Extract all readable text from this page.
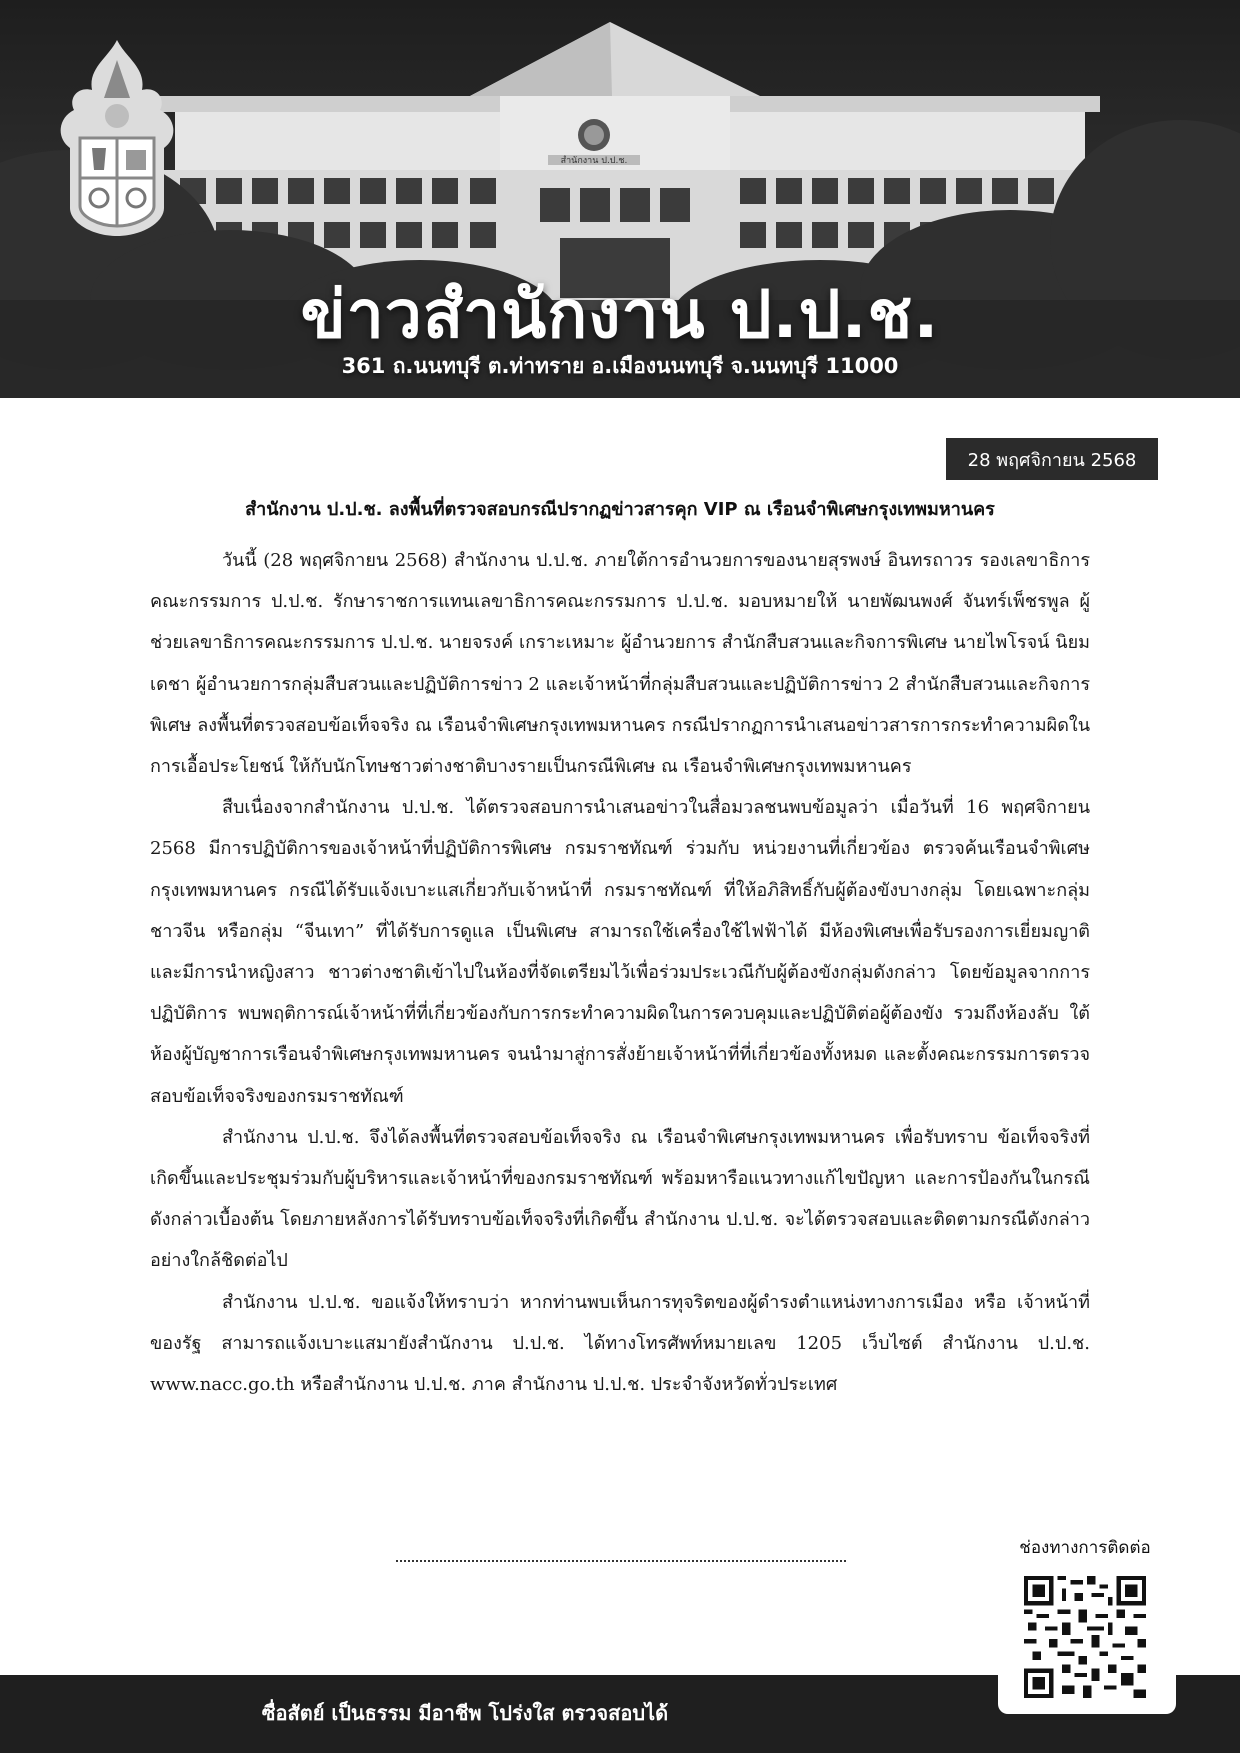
สำนักงาน ป.ป.ช.
ข่าวสำนักงาน ป.ป.ช.
361 ถ.นนทบุรี ต.ท่าทราย อ.เมืองนนทบุรี จ.นนทบุรี 11000
28 พฤศจิกายน 2568
สำนักงาน ป.ป.ช. ลงพื้นที่ตรวจสอบกรณีปรากฏข่าวสารคุก VIP ณ เรือนจำพิเศษกรุงเทพมหานคร

วันนี้ (28 พฤศจิกายน 2568) สำนักงาน ป.ป.ช. ภายใต้การอำนวยการของนายสุรพงษ์ อินทรถาวร รองเลขาธิการคณะกรรมการ ป.ป.ช. รักษาราชการแทนเลขาธิการคณะกรรมการ ป.ป.ช. มอบหมายให้ นายพัฒนพงศ์ จันทร์เพ็ชรพูล ผู้ช่วยเลขาธิการคณะกรรมการ ป.ป.ช. นายจรงค์ เกราะเหมาะ ผู้อำนวยการ สำนักสืบสวนและกิจการพิเศษ นายไพโรจน์ นิยมเดชา ผู้อำนวยการกลุ่มสืบสวนและปฏิบัติการข่าว 2 และเจ้าหน้าที่กลุ่มสืบสวนและปฏิบัติการข่าว 2 สำนักสืบสวนและกิจการพิเศษ ลงพื้นที่ตรวจสอบข้อเท็จจริง ณ เรือนจำพิเศษกรุงเทพมหานคร กรณีปรากฏการนำเสนอข่าวสารการกระทำความผิดในการเอื้อประโยชน์ ให้กับนักโทษชาวต่างชาติบางรายเป็นกรณีพิเศษ ณ เรือนจำพิเศษกรุงเทพมหานคร

สืบเนื่องจากสำนักงาน ป.ป.ช. ได้ตรวจสอบการนำเสนอข่าวในสื่อมวลชนพบข้อมูลว่า เมื่อวันที่ 16 พฤศจิกายน 2568 มีการปฏิบัติการของเจ้าหน้าที่ปฏิบัติการพิเศษ กรมราชทัณฑ์ ร่วมกับ หน่วยงานที่เกี่ยวข้อง ตรวจค้นเรือนจำพิเศษกรุงเทพมหานคร กรณีได้รับแจ้งเบาะแสเกี่ยวกับเจ้าหน้าที่ กรมราชทัณฑ์ ที่ให้อภิสิทธิ์กับผู้ต้องขังบางกลุ่ม โดยเฉพาะกลุ่มชาวจีน หรือกลุ่ม “จีนเทา” ที่ได้รับการดูแล เป็นพิเศษ สามารถใช้เครื่องใช้ไฟฟ้าได้ มีห้องพิเศษเพื่อรับรองการเยี่ยมญาติ และมีการนำหญิงสาว ชาวต่างชาติเข้าไปในห้องที่จัดเตรียมไว้เพื่อร่วมประเวณีกับผู้ต้องขังกลุ่มดังกล่าว โดยข้อมูลจากการปฏิบัติการ พบพฤติการณ์เจ้าหน้าที่ที่เกี่ยวข้องกับการกระทำความผิดในการควบคุมและปฏิบัติต่อผู้ต้องขัง รวมถึงห้องลับ ใต้ห้องผู้บัญชาการเรือนจำพิเศษกรุงเทพมหานคร จนนำมาสู่การสั่งย้ายเจ้าหน้าที่ที่เกี่ยวข้องทั้งหมด และตั้งคณะกรรมการตรวจสอบข้อเท็จจริงของกรมราชทัณฑ์

สำนักงาน ป.ป.ช. จึงได้ลงพื้นที่ตรวจสอบข้อเท็จจริง ณ เรือนจำพิเศษกรุงเทพมหานคร เพื่อรับทราบ ข้อเท็จจริงที่เกิดขึ้นและประชุมร่วมกับผู้บริหารและเจ้าหน้าที่ของกรมราชทัณฑ์ พร้อมหารือแนวทางแก้ไขปัญหา และการป้องกันในกรณีดังกล่าวเบื้องต้น โดยภายหลังการได้รับทราบข้อเท็จจริงที่เกิดขึ้น สำนักงาน ป.ป.ช. จะได้ตรวจสอบและติดตามกรณีดังกล่าวอย่างใกล้ชิดต่อไป

สำนักงาน ป.ป.ช. ขอแจ้งให้ทราบว่า หากท่านพบเห็นการทุจริตของผู้ดำรงตำแหน่งทางการเมือง หรือ เจ้าหน้าที่ของรัฐ สามารถแจ้งเบาะแสมายังสำนักงาน ป.ป.ช. ได้ทางโทรศัพท์หมายเลข 1205 เว็บไซต์ สำนักงาน ป.ป.ช. www.nacc.go.th หรือสำนักงาน ป.ป.ช. ภาค สำนักงาน ป.ป.ช. ประจำจังหวัดทั่วประเทศ

ซื่อสัตย์ เป็นธรรม มีอาชีพ โปร่งใส ตรวจสอบได้
ช่องทางการติดต่อ
